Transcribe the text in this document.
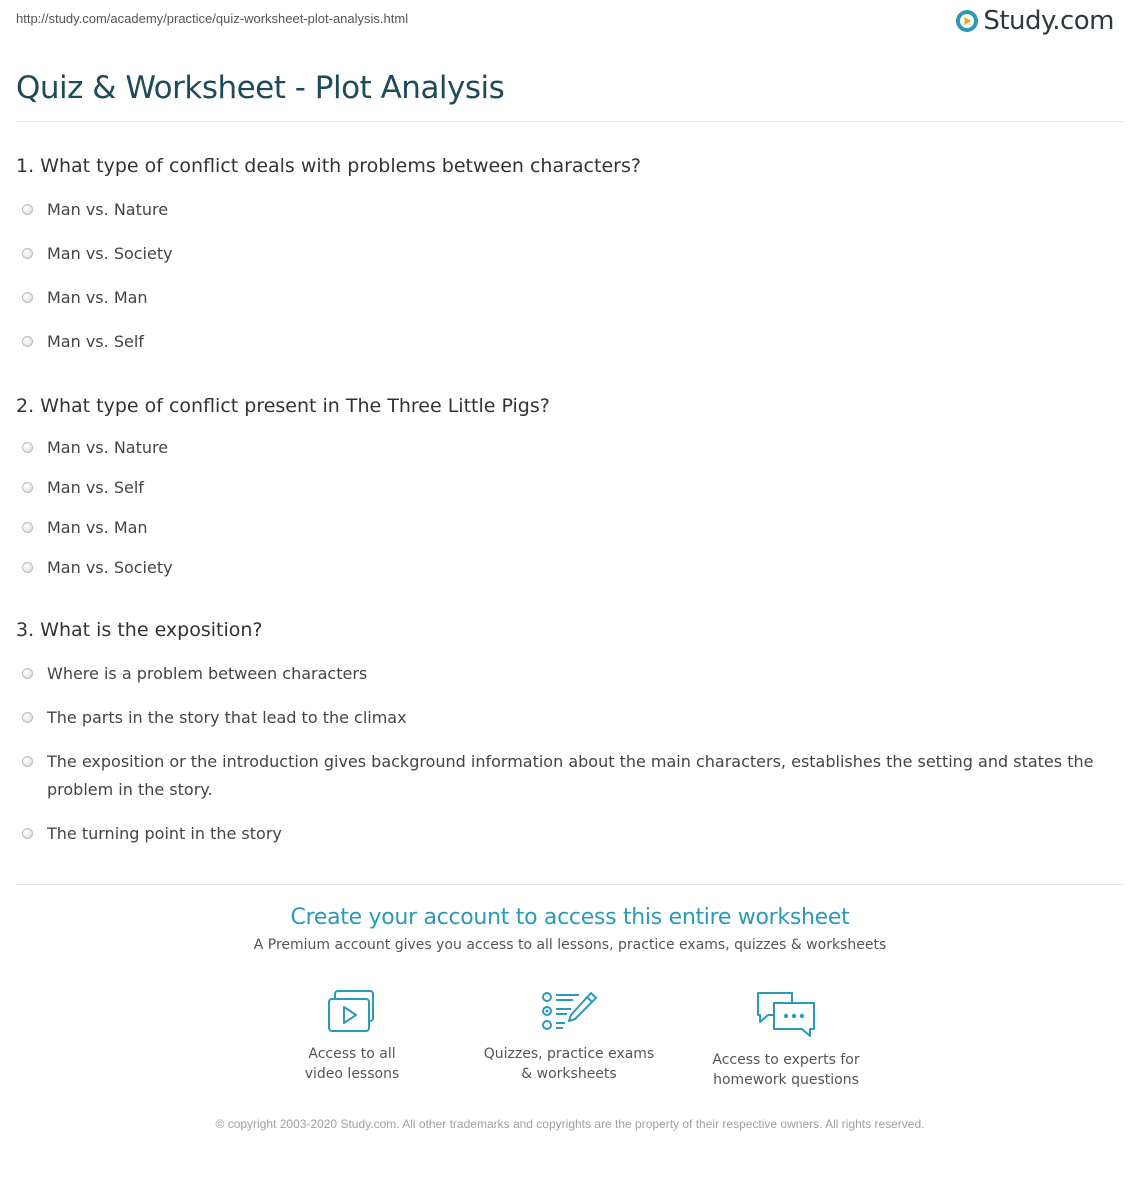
http://study.com/academy/practice/quiz-worksheet-plot-analysis.html	Study.com
Quiz & Worksheet - Plot Analysis
1. What type of conflict deals with problems between characters?
Man vs. Nature
Man vs. Society
Man vs. Man
Man vs. Self
2. What type of conflict present in The Three Little Pigs?
Man vs. Nature
Man vs. Self
Man vs. Man
Man vs. Society
3. What is the exposition?
Where is a problem between characters
The parts in the story that lead to the climax
The exposition or the introduction gives background information about the main characters, establishes the setting and states the problem in the story.
The turning point in the story
Create your account to access this entire worksheet
A Premium account gives you access to all lessons, practice exams, quizzes & worksheets
Access to all
video lessons
Quizzes, practice exams
& worksheets
Access to experts for
homework questions
© copyright 2003-2020 Study.com. All other trademarks and copyrights are the property of their respective owners. All rights reserved.
